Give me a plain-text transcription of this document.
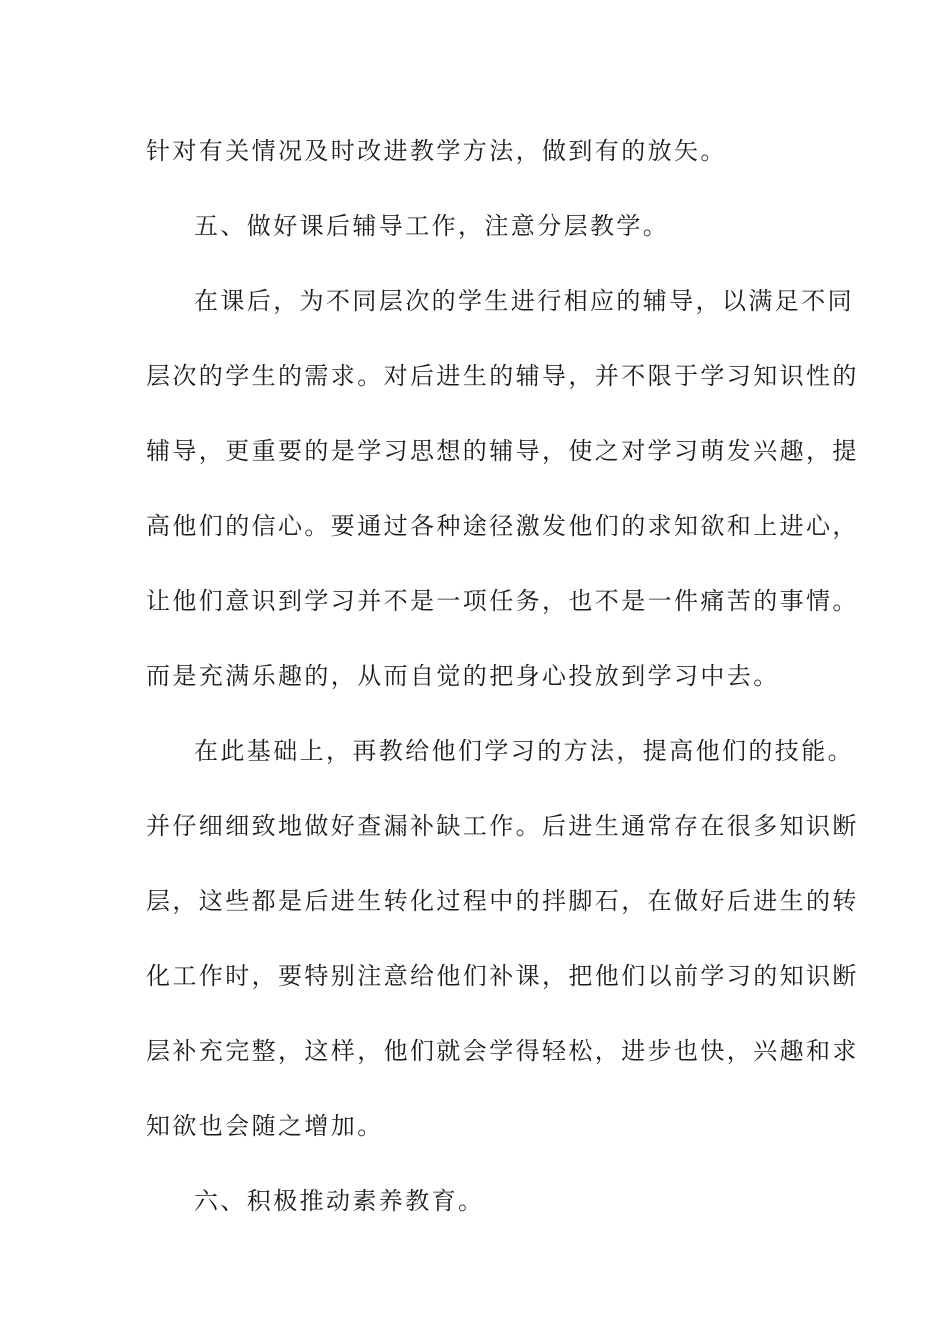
针对有关情况及时改进教学方法，做到有的放矢。
五、做好课后辅导工作，注意分层教学。
在课后，为不同层次的学生进行相应的辅导，以满足不同
层次的学生的需求。对后进生的辅导，并不限于学习知识性的
辅导，更重要的是学习思想的辅导，使之对学习萌发兴趣，提
高他们的信心。要通过各种途径激发他们的求知欲和上进心，
让他们意识到学习并不是一项任务，也不是一件痛苦的事情。
而是充满乐趣的，从而自觉的把身心投放到学习中去。
在此基础上，再教给他们学习的方法，提高他们的技能。
并仔细细致地做好查漏补缺工作。后进生通常存在很多知识断
层，这些都是后进生转化过程中的拌脚石，在做好后进生的转
化工作时，要特别注意给他们补课，把他们以前学习的知识断
层补充完整，这样，他们就会学得轻松，进步也快，兴趣和求
知欲也会随之增加。
六、积极推动素养教育。
